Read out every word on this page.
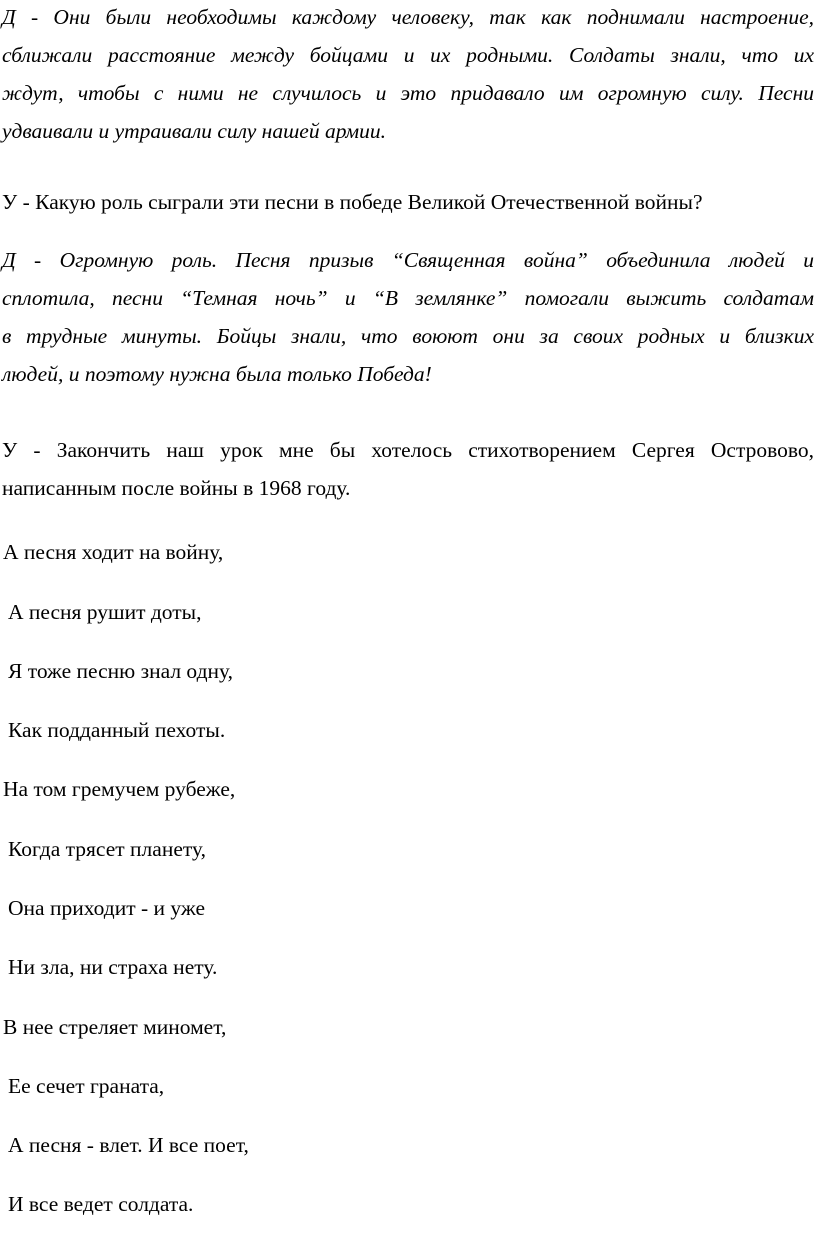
Д - Они были необходимы каждому человеку, так как поднимали настроение,
сближали расстояние между бойцами и их родными. Солдаты знали, что их
ждут, чтобы с ними не случилось и это придавало им огромную силу. Песни
удваивали и утраивали силу нашей армии.
У - Какую роль сыграли эти песни в победе Великой Отечественной войны?
Д - Огромную роль. Песня призыв “Священная война” объединила людей и
сплотила, песни “Темная ночь” и “В землянке” помогали выжить солдатам
в трудные минуты. Бойцы знали, что воюют они за своих родных и близких
людей, и поэтому нужна была только Победа!
У - Закончить наш урок мне бы хотелось стихотворением Сергея Островово,
написанным после войны в 1968 году.
А песня ходит на войну,
А песня рушит доты,
Я тоже песню знал одну,
Как подданный пехоты.
На том гремучем рубеже,
Когда трясет планету,
Она приходит - и уже
Ни зла, ни страха нету.
В нее стреляет миномет,
Ее сечет граната,
А песня - влет. И все поет,
И все ведет солдата.
